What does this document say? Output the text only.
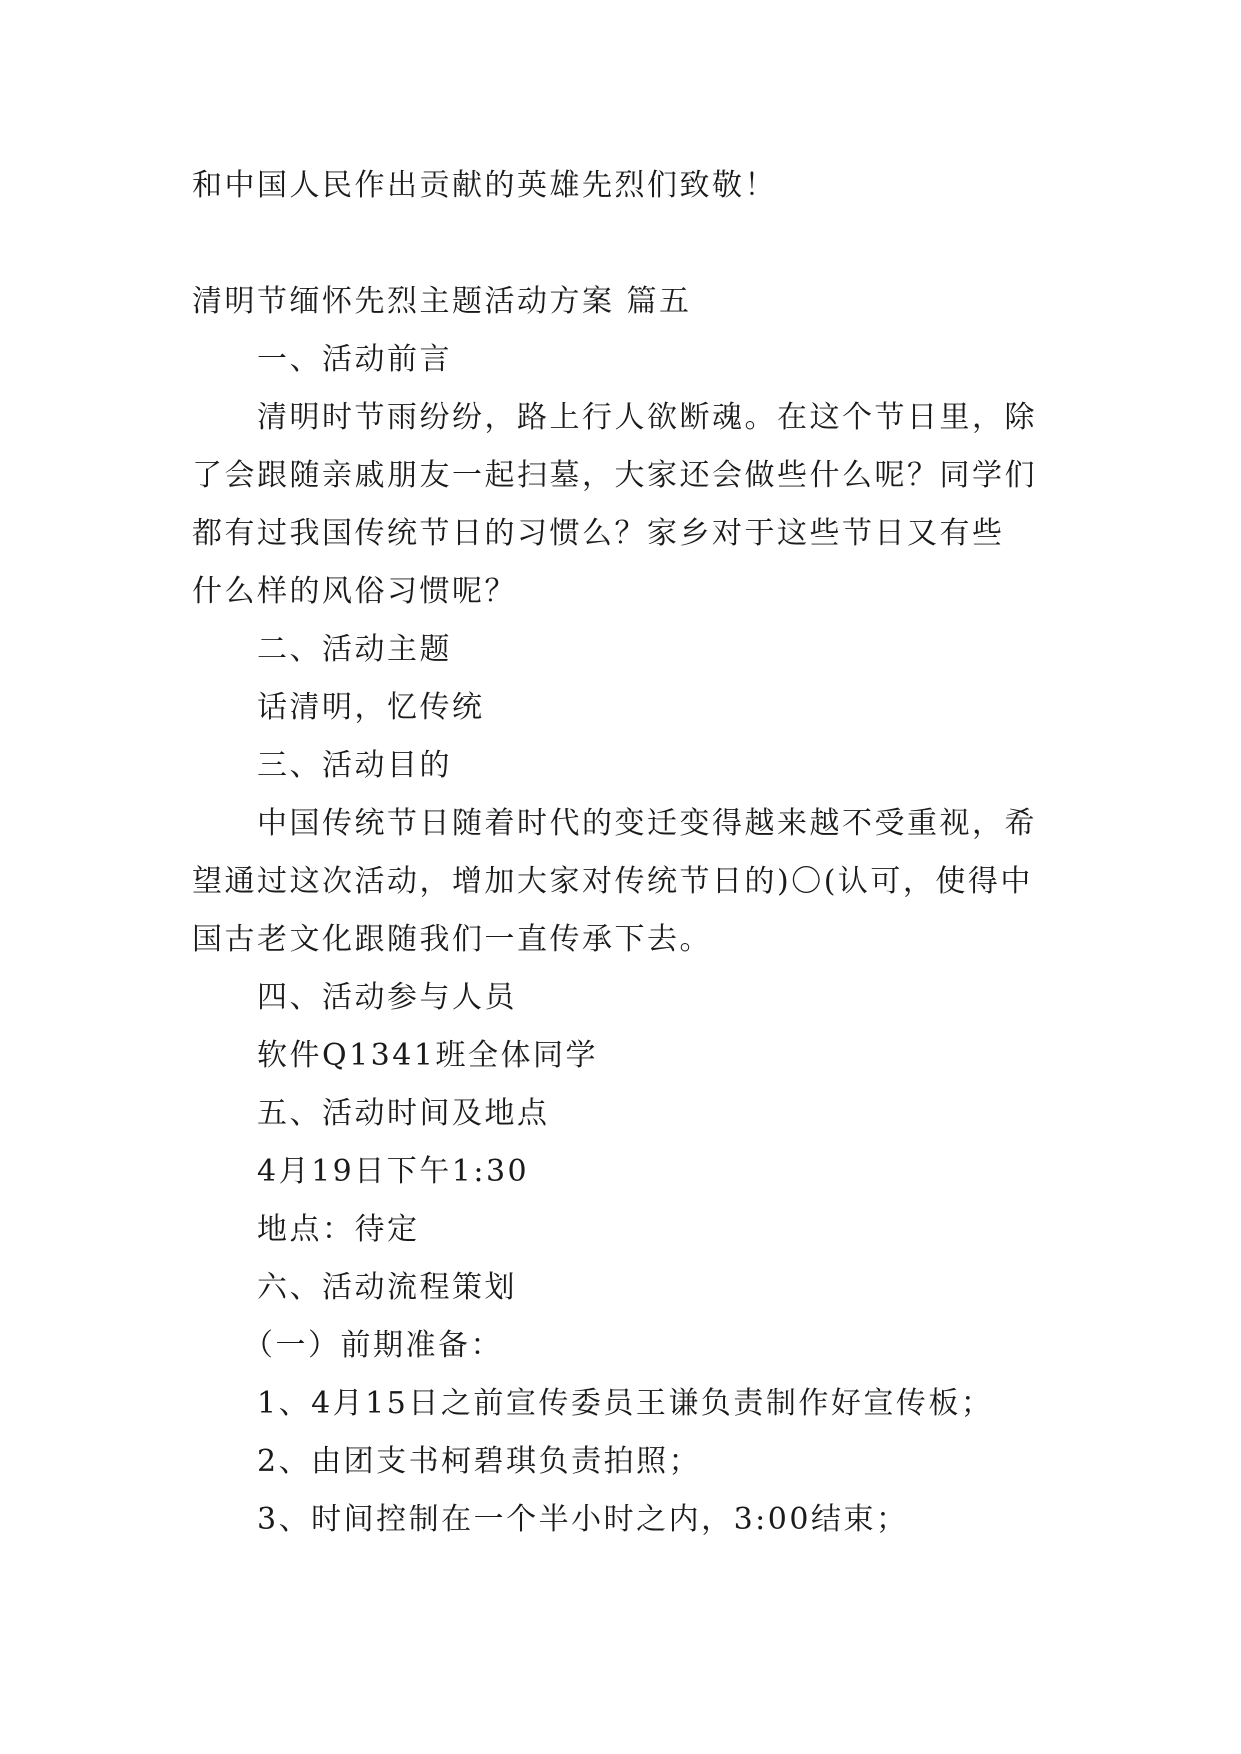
和中国人民作出贡献的英雄先烈们致敬！
清明节缅怀先烈主题活动方案 篇五
一、活动前言
清明时节雨纷纷，路上行人欲断魂。在这个节日里，除
了会跟随亲戚朋友一起扫墓，大家还会做些什么呢？同学们
都有过我国传统节日的习惯么？家乡对于这些节日又有些
什么样的风俗习惯呢？
二、活动主题
话清明，忆传统
三、活动目的
中国传统节日随着时代的变迁变得越来越不受重视，希
望通过这次活动，增加大家对传统节日的)〇(认可，使得中
国古老文化跟随我们一直传承下去。
四、活动参与人员
软件Q1341班全体同学
五、活动时间及地点
4月19日下午1:30
地点：待定
六、活动流程策划
（一）前期准备：
1、4月15日之前宣传委员王谦负责制作好宣传板；
2、由团支书柯碧琪负责拍照；
3、时间控制在一个半小时之内，3:00结束；
